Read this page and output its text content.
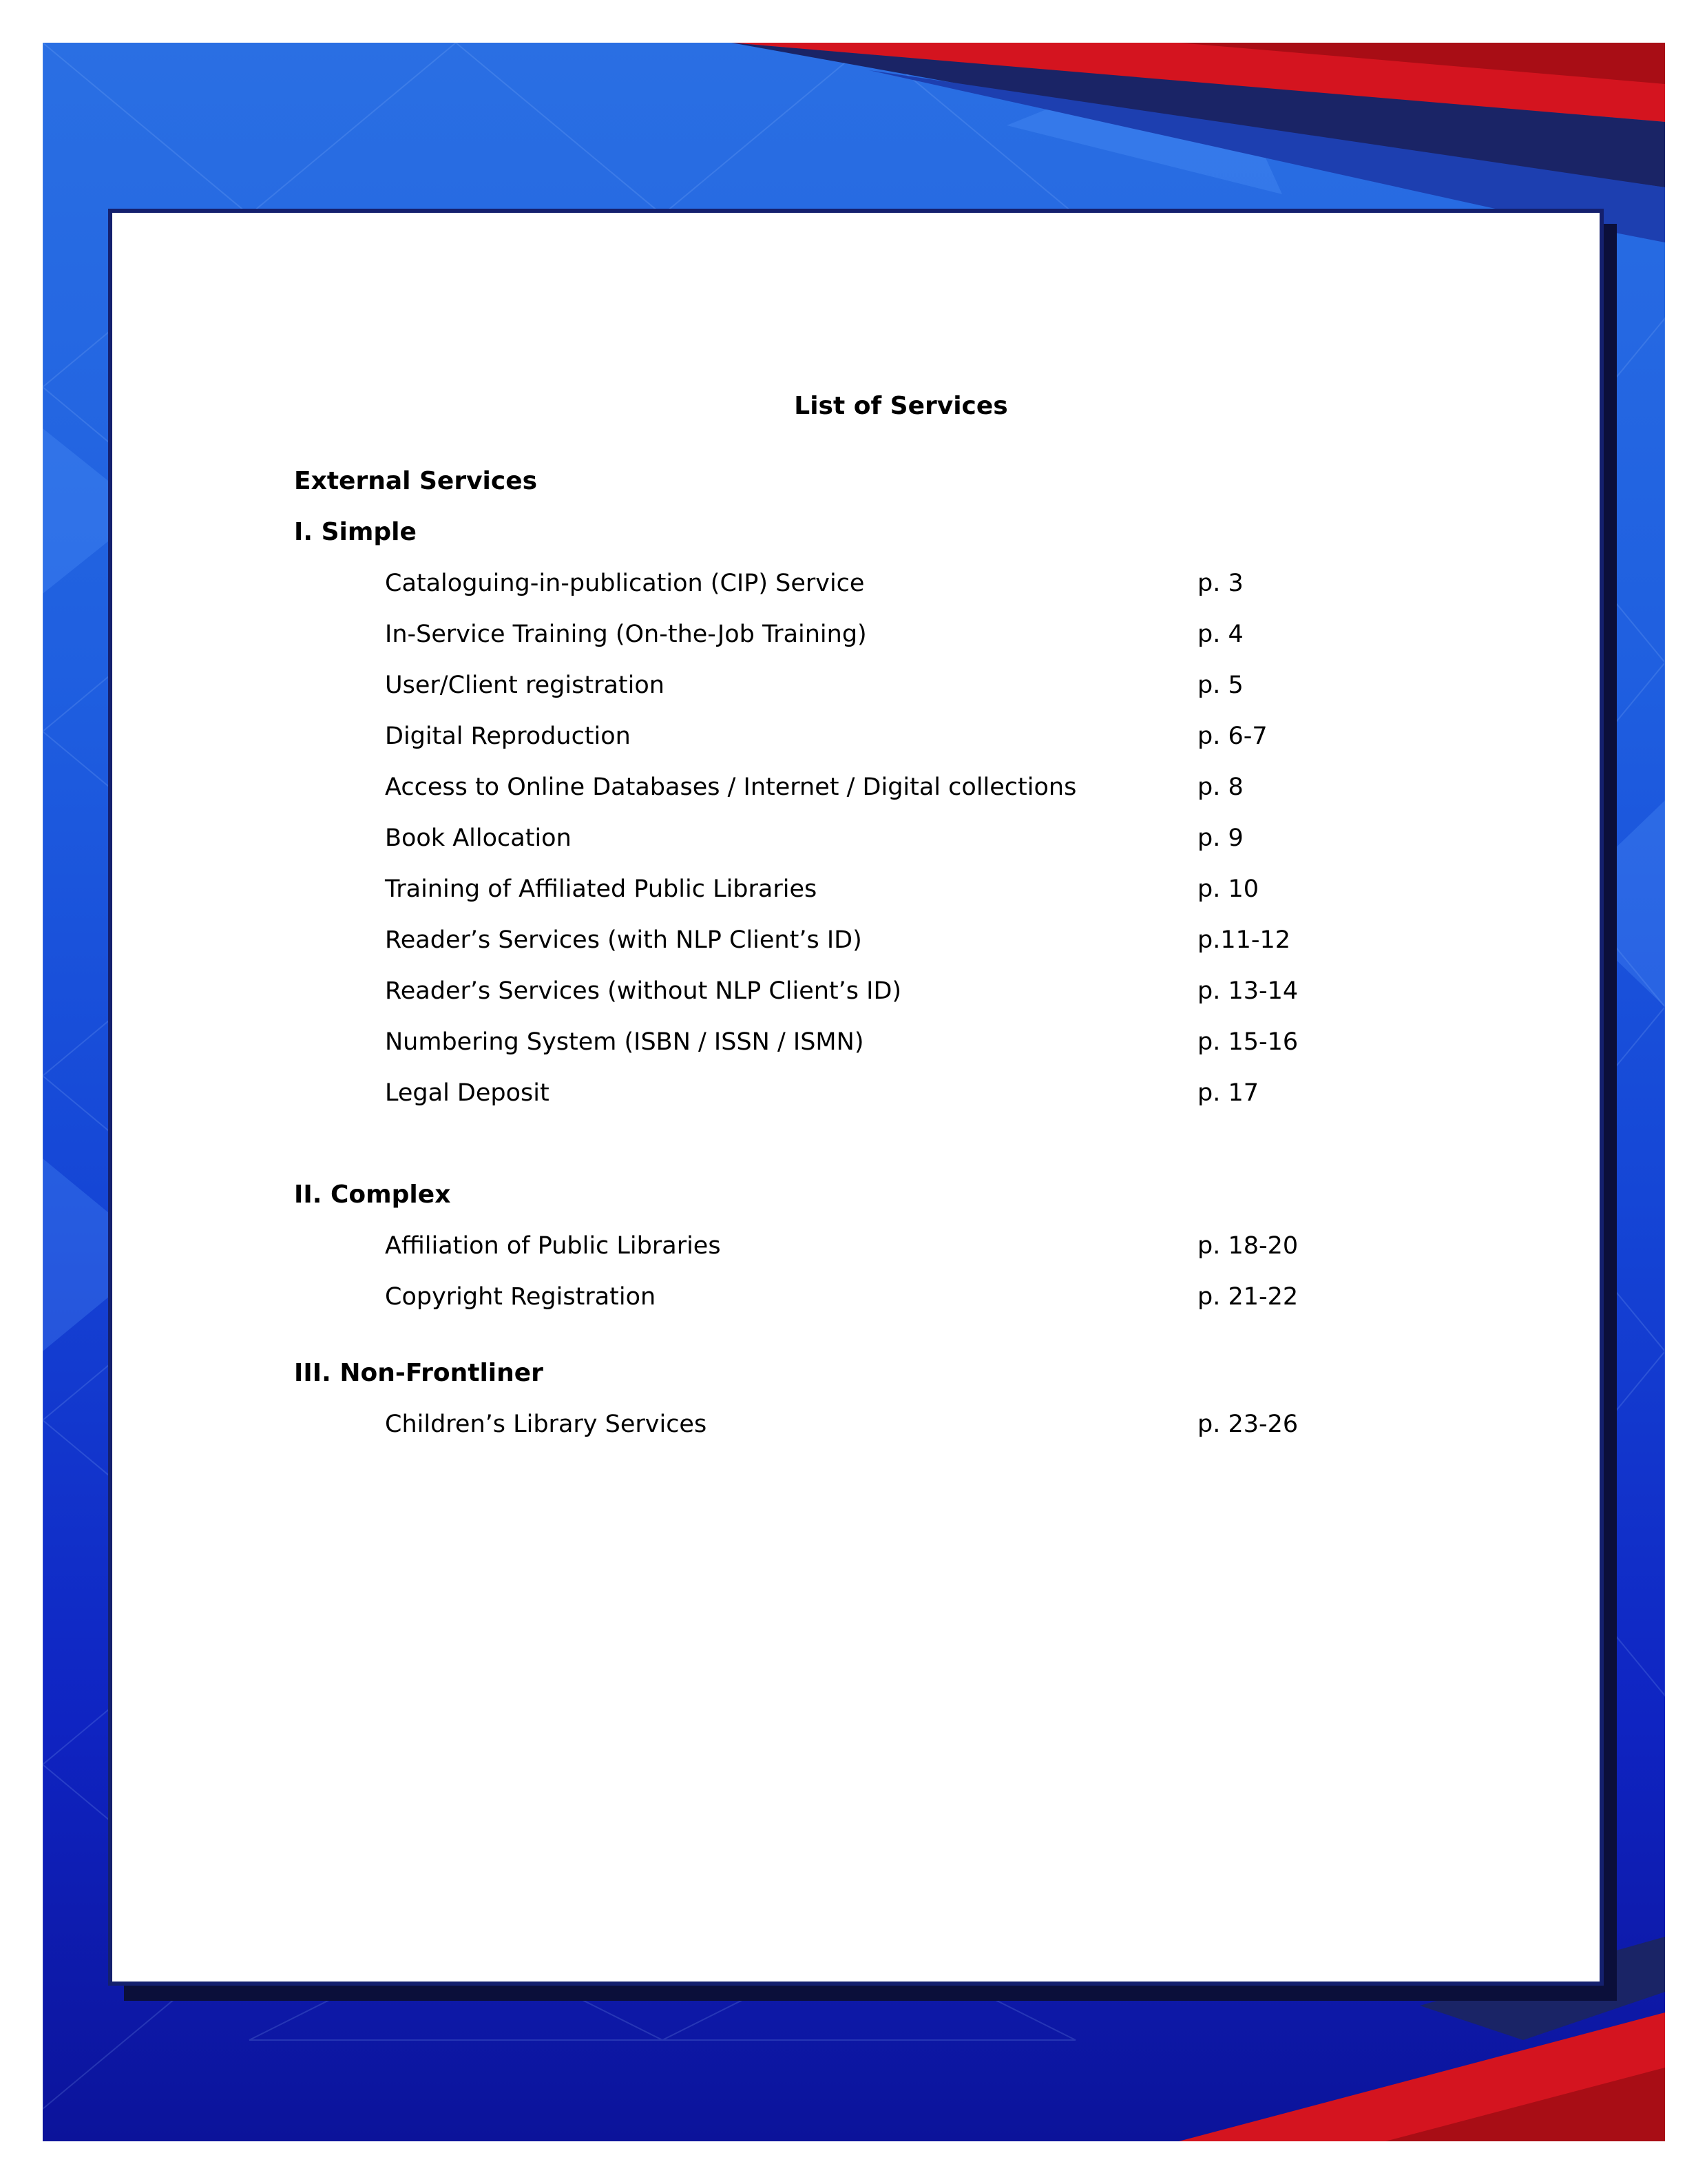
List of Services
External Services
I. Simple
Cataloguing-in-publication (CIP) Service	p. 3
In-Service Training (On-the-Job Training)	p. 4
User/Client registration	p. 5
Digital Reproduction	p. 6-7
Access to Online Databases / Internet / Digital collections	p. 8
Book Allocation	p. 9
Training of Affiliated Public Libraries	p. 10
Reader’s Services (with NLP Client’s ID)	p.11-12
Reader’s Services (without NLP Client’s ID)	p. 13-14
Numbering System (ISBN / ISSN / ISMN)	p. 15-16
Legal Deposit	p. 17
II. Complex
Affiliation of Public Libraries	p. 18-20
Copyright Registration	p. 21-22
III. Non-Frontliner
Children’s Library Services	p. 23-26
